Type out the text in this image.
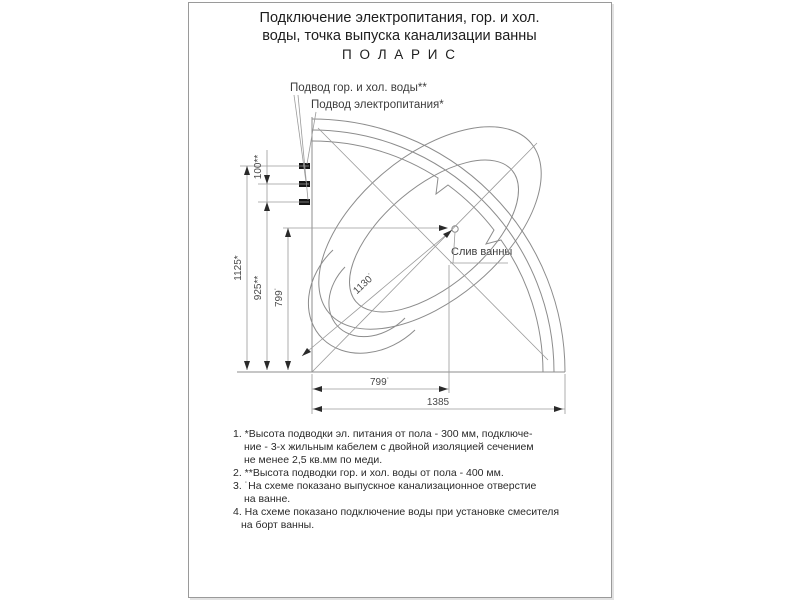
Подключение электропитания, гор. и хол.
воды, точка выпуска канализации ванны
П О Л А Р И С
Подвод гор. и хол. воды**
Подвод электропитания*
Слив ванны
1125*
100**
925** 799˙
1130˙
799˙
1385
1. *Высота подводки эл. питания от пола - 300 мм, подключе-
ние - 3-х жильным кабелем с двойной изоляцией сечением
не менее 2,5 кв.мм по меди.
2. **Высота подводки гор. и хол. воды от пола - 400 мм.
3. ˙На схеме показано выпускное канализационное отверстие
на ванне.
4. На схеме показано подключение воды при установке смесителя
на борт ванны.
